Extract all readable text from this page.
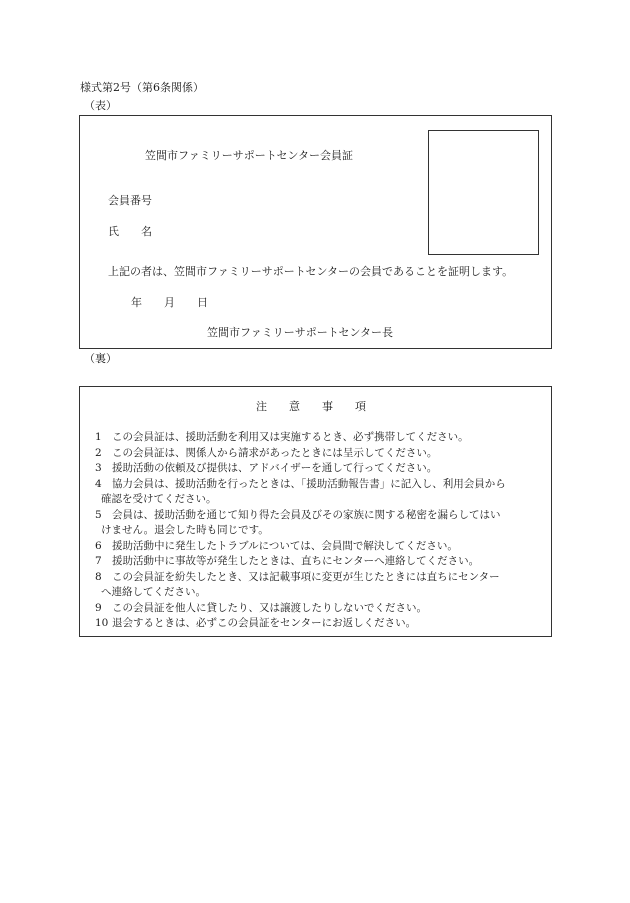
様式第2号（第6条関係）
（表）
笠間市ファミリーサポートセンター会員証
会員番号
氏　　名
上記の者は、笠間市ファミリーサポートセンターの会員であることを証明します。
年　　月　　日
笠間市ファミリーサポートセンター長
（裏）
注　　意　　事　　項
1 この会員証は、援助活動を利用又は実施するとき、必ず携帯してください。
2 この会員証は、関係人から請求があったときには呈示してください。
3 援助活動の依頼及び提供は、アドバイザーを通して行ってください。
4 協力会員は、援助活動を行ったときは、「援助活動報告書」に記入し、利用会員から
確認を受けてください。
5 会員は、援助活動を通じて知り得た会員及びその家族に関する秘密を漏らしてはい
けません。退会した時も同じです。
6 援助活動中に発生したトラブルについては、会員間で解決してください。
7 援助活動中に事故等が発生したときは、直ちにセンターへ連絡してください。
8 この会員証を紛失したとき、又は記載事項に変更が生じたときには直ちにセンター
へ連絡してください。
9 この会員証を他人に貸したり、又は譲渡したりしないでください。
10 退会するときは、必ずこの会員証をセンターにお返しください。
